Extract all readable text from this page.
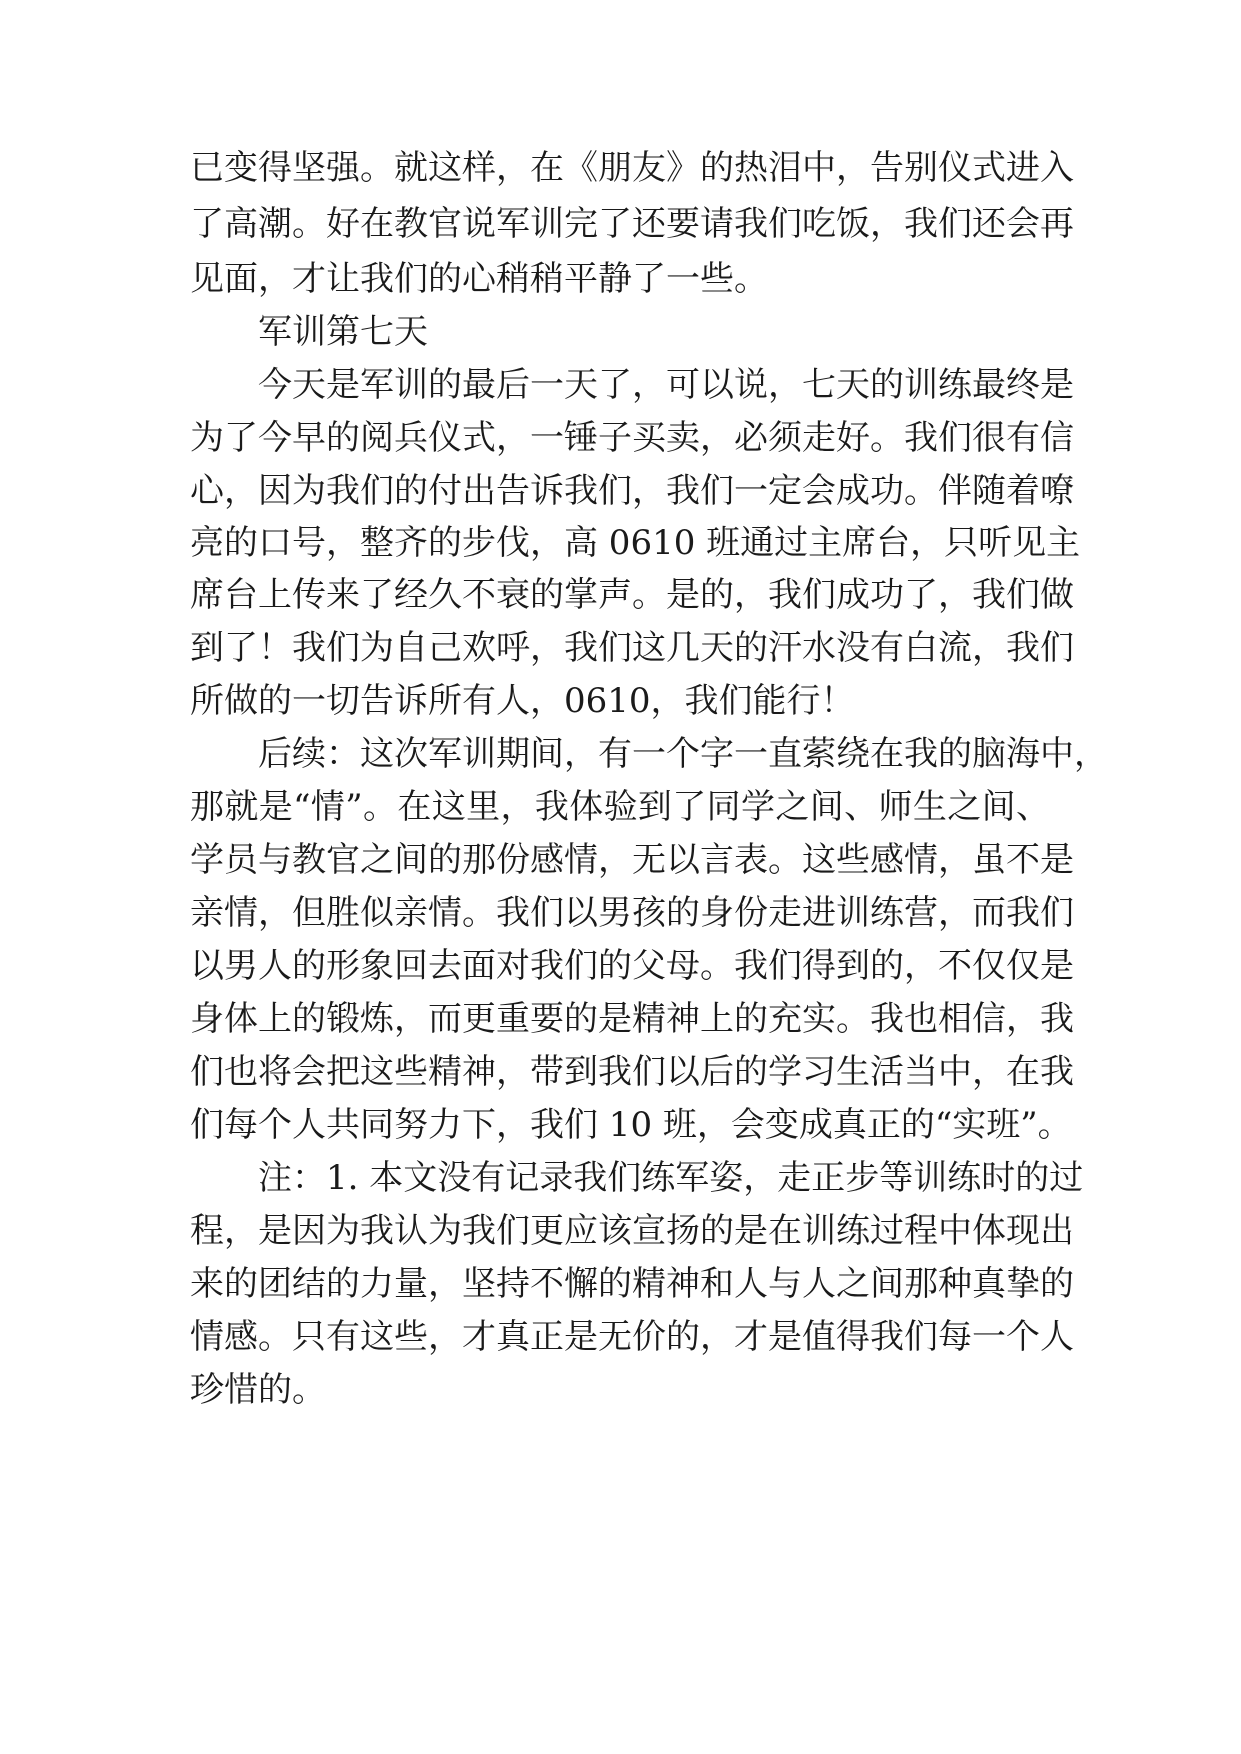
已变得坚强。就这样，在《朋友》的热泪中，告别仪式进入

了高潮。好在教官说军训完了还要请我们吃饭，我们还会再

见面，才让我们的心稍稍平静了一些。

军训第七天

今天是军训的最后一天了，可以说，七天的训练最终是

为了今早的阅兵仪式，一锤子买卖，必须走好。我们很有信

心，因为我们的付出告诉我们，我们一定会成功。伴随着嘹

亮的口号，整齐的步伐，高 0610 班通过主席台，只听见主

席台上传来了经久不衰的掌声。是的，我们成功了，我们做

到了！我们为自己欢呼，我们这几天的汗水没有白流，我们

所做的一切告诉所有人，0610，我们能行！

后续：这次军训期间，有一个字一直萦绕在我的脑海中，

那就是“情”。在这里，我体验到了同学之间、师生之间、

学员与教官之间的那份感情，无以言表。这些感情，虽不是

亲情，但胜似亲情。我们以男孩的身份走进训练营，而我们

以男人的形象回去面对我们的父母。我们得到的，不仅仅是

身体上的锻炼，而更重要的是精神上的充实。我也相信，我

们也将会把这些精神，带到我们以后的学习生活当中，在我

们每个人共同努力下，我们 10 班，会变成真正的“实班”。

注：1. 本文没有记录我们练军姿，走正步等训练时的过

程，是因为我认为我们更应该宣扬的是在训练过程中体现出

来的团结的力量，坚持不懈的精神和人与人之间那种真挚的

情感。只有这些，才真正是无价的，才是值得我们每一个人

珍惜的。
